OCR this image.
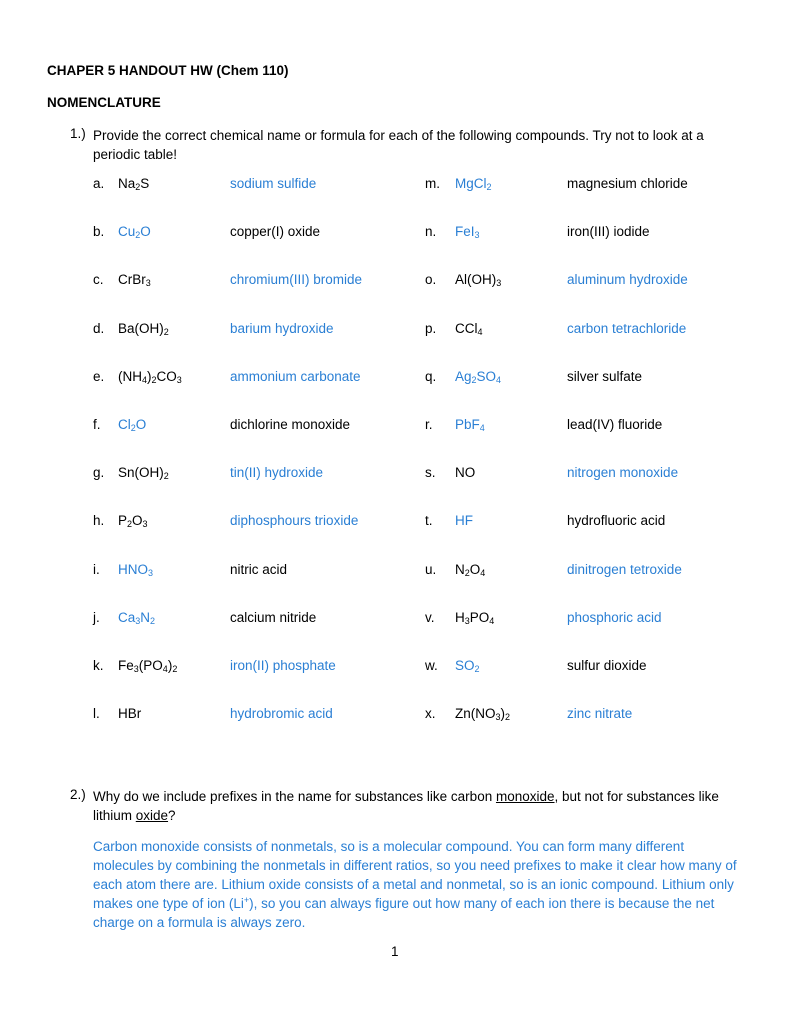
CHAPER 5 HANDOUT HW (Chem 110)
NOMENCLATURE
1.) Provide the correct chemical name or formula for each of the following compounds. Try not to look at a periodic table!
a. $Na_2S$	sodium sulfide
b. $Cu_2O$	copper(I) oxide
c. CrBr$_3$	chromium(III) bromide
d. $Ba(OH)_2$	barium hydroxide
e. $(NH_4)_2CO_3$	ammonium carbonate
f. $Cl_2O$	dichlorine monoxide
g. $Sn(OH)_2$	tin(II) hydroxide
h. $P_2O_3$	diphosphours trioxide
i. $HNO_3$	nitric acid
j. $Ca_3N_2$	calcium nitride
k. $Fe_3(PO_4)_2$	iron(II) phosphate
l. HBr	hydrobromic acid
m. MgCl$_2$	magnesium chloride
n. FeI$_3$	iron(III) iodide
o. $Al(OH)_3$	aluminum hydroxide
p. CCl$_4$	carbon tetrachloride
q. $Ag_2SO_4$	silver sulfate
r. PbF$_4$	lead(IV) fluoride
s. NO	nitrogen monoxide
t. HF	hydrofluoric acid
u. $N_2O_4$	dinitrogen tetroxide
v. $H_3PO_4$	phosphoric acid
w. $SO_2$	sulfur dioxide
x. $Zn(NO_3)_2$	zinc nitrate
2.) Why do we include prefixes in the name for substances like carbon monoxide, but not for substances like lithium oxide?
Carbon monoxide consists of nonmetals, so is a molecular compound. You can form many different molecules by combining the nonmetals in different ratios, so you need prefixes to make it clear how many of each atom there are. Lithium oxide consists of a metal and nonmetal, so is an ionic compound. Lithium only makes one type of ion (Li+), so you can always figure out how many of each ion there is because the net charge on a formula is always zero.
1
